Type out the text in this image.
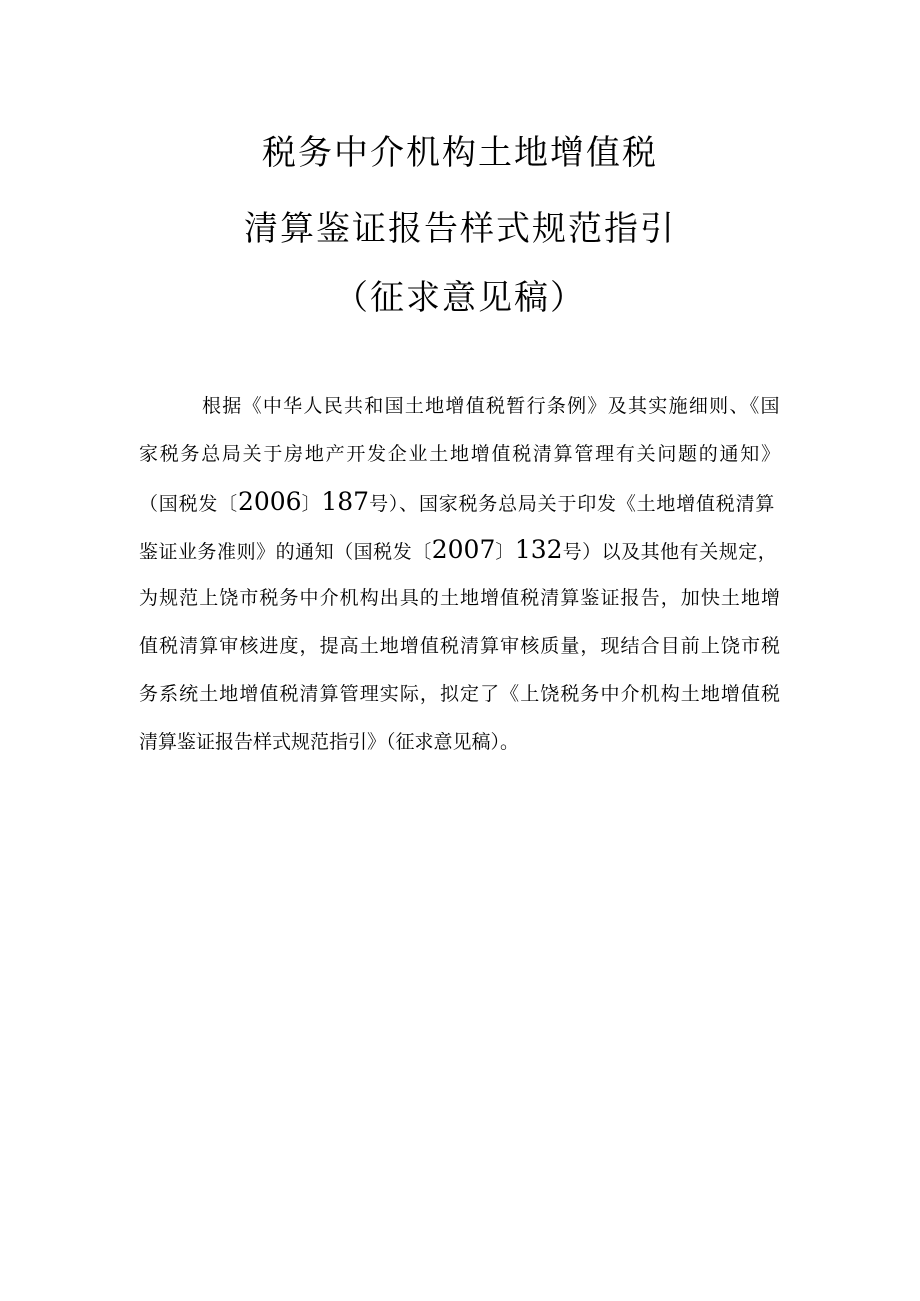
税务中介机构土地增值税
清算鉴证报告样式规范指引
（征求意见稿）
根据《中华人民共和国土地增值税暂行条例》及其实施细则、《国
家税务总局关于房地产开发企业土地增值税清算管理有关问题的通知》
（国税发〔2006〕187号）、国家税务总局关于印发《土地增值税清算
鉴证业务准则》的通知（国税发〔2007〕132号）以及其他有关规定，
为规范上饶市税务中介机构出具的土地增值税清算鉴证报告，加快土地增
值税清算审核进度，提高土地增值税清算审核质量，现结合目前上饶市税
务系统土地增值税清算管理实际，拟定了《上饶税务中介机构土地增值税
清算鉴证报告样式规范指引》（征求意见稿）。
